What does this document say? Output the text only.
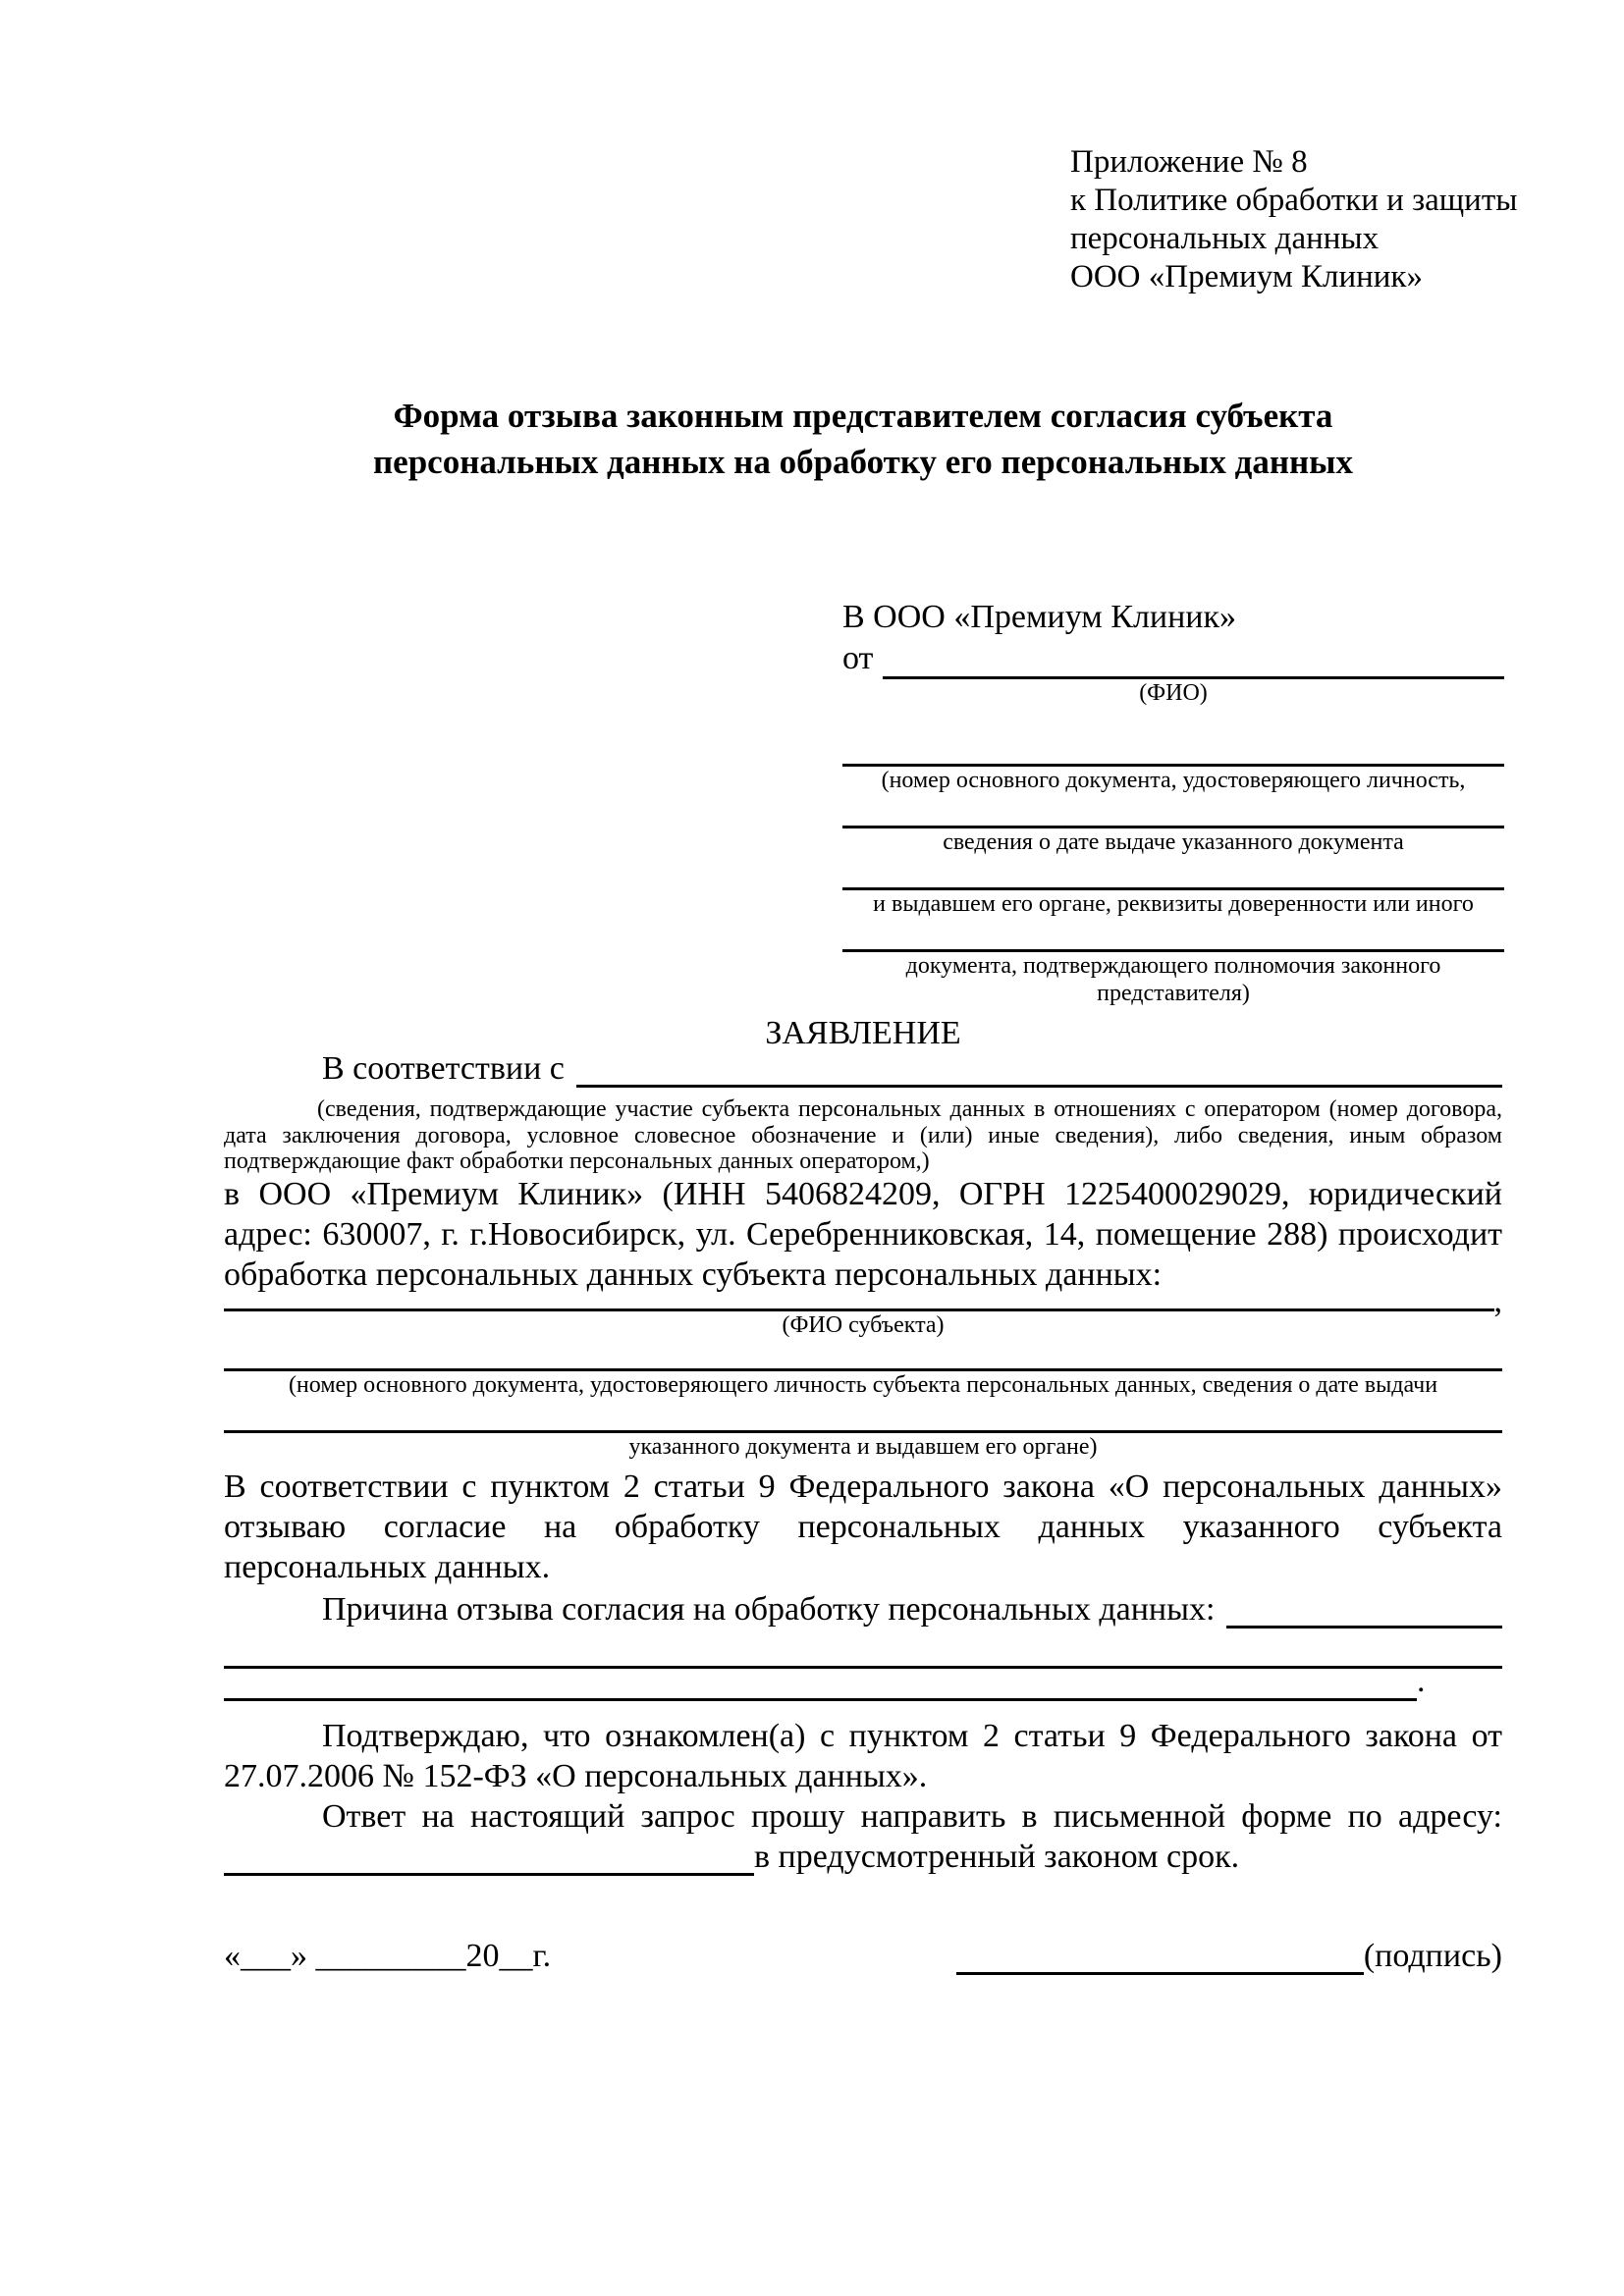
Приложение № 8
к Политике обработки и защиты
персональных данных
ООО «Премиум Клиник»
Форма отзыва законным представителем согласия субъекта
персональных данных на обработку его персональных данных
В ООО «Премиум Клиник»
от
(ФИО)
(номер основного документа, удостоверяющего личность,
сведения о дате выдаче указанного документа
и выдавшем его органе, реквизиты доверенности или иного
документа, подтверждающего полномочия законного представителя)
ЗАЯВЛЕНИЕ
В соответствии с
(сведения, подтверждающие участие субъекта персональных данных в отношениях с оператором (номер договора, дата заключения договора, условное словесное обозначение и (или) иные сведения), либо сведения, иным образом подтверждающие факт обработки персональных данных оператором,)
в ООО «Премиум Клиник» (ИНН 5406824209, ОГРН 1225400029029, юридический адрес: 630007, г. г.Новосибирск, ул. Серебренниковская, 14, помещение 288) происходит обработка персональных данных субъекта персональных данных:
,
(ФИО субъекта)
(номер основного документа, удостоверяющего личность субъекта персональных данных, сведения о дате выдачи
указанного документа и выдавшем его органе)
В соответствии с пунктом 2 статьи 9 Федерального закона «О персональных данных» отзываю согласие на обработку персональных данных указанного субъекта персональных данных.
Причина отзыва согласия на обработку персональных данных:
.
Подтверждаю, что ознакомлен(а) с пунктом 2 статьи 9 Федерального закона от 27.07.2006 № 152-ФЗ «О персональных данных».
Ответ на настоящий запрос прошу направить в письменной форме по адресу:
в предусмотренный законом срок.
«___» _________20__г.	(подпись)
